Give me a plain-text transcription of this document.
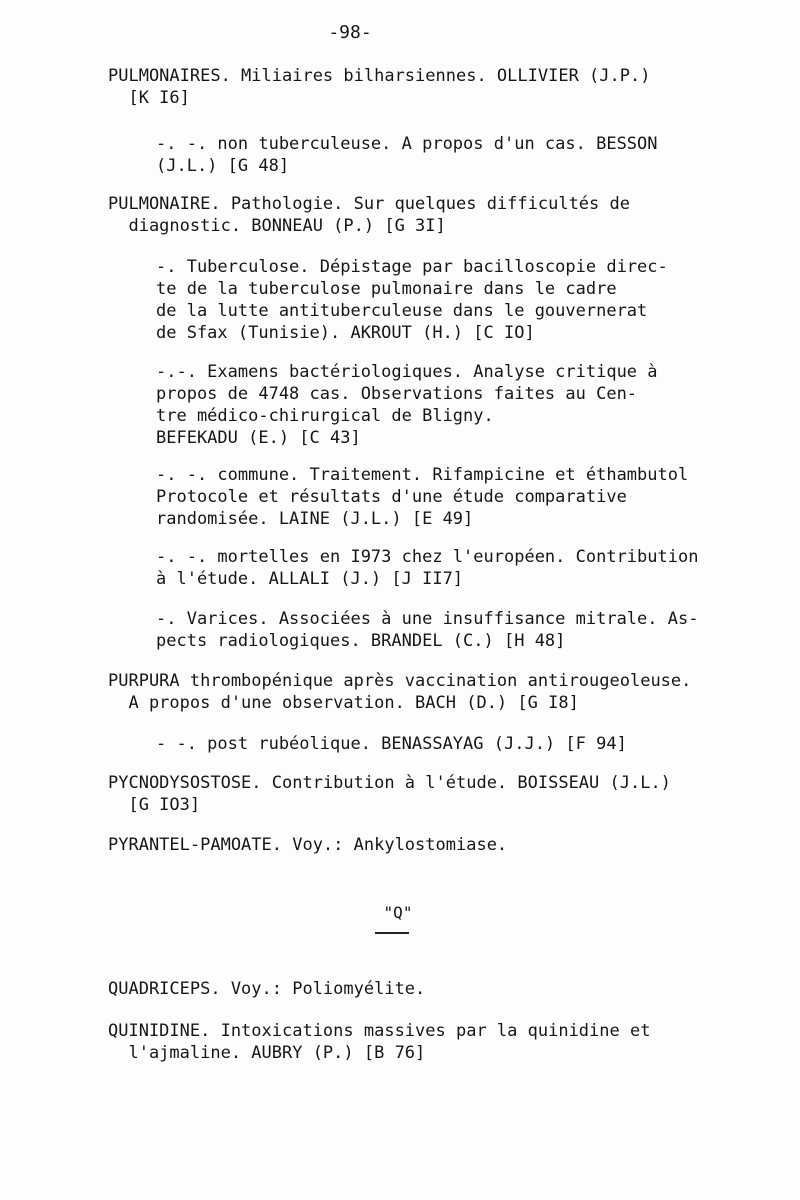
-98-

PULMONAIRES. Miliaires bilharsiennes. OLLIVIER (J.P.)
[K I6]

-. -. non tuberculeuse. A propos d'un cas. BESSON
(J.L.) [G 48]

PULMONAIRE. Pathologie. Sur quelques difficultés de
diagnostic. BONNEAU (P.) [G 3I]

-. Tuberculose. Dépistage par bacilloscopie direc-
te de la tuberculose pulmonaire dans le cadre
de la lutte antituberculeuse dans le gouvernerat
de Sfax (Tunisie). AKROUT (H.) [C IO]

-.-. Examens bactériologiques. Analyse critique à
propos de 4748 cas. Observations faites au Cen-
tre médico-chirurgical de Bligny.
BEFEKADU (E.) [C 43]

-. -. commune. Traitement. Rifampicine et éthambutol
Protocole et résultats d'une étude comparative
randomisée. LAINE (J.L.) [E 49]

-. -. mortelles en I973 chez l'européen. Contribution
à l'étude. ALLALI (J.) [J II7]

-. Varices. Associées à une insuffisance mitrale. As-
pects radiologiques. BRANDEL (C.) [H 48]

PURPURA thrombopénique après vaccination antirougeoleuse.
A propos d'une observation. BACH (D.) [G I8]

- -. post rubéolique. BENASSAYAG (J.J.) [F 94]

PYCNODYSOSTOSE. Contribution à l'étude. BOISSEAU (J.L.)
[G IO3]

PYRANTEL-PAMOATE. Voy.: Ankylostomiase.

"Q"

QUADRICEPS. Voy.: Poliomyélite.

QUINIDINE. Intoxications massives par la quinidine et
l'ajmaline. AUBRY (P.) [B 76]
